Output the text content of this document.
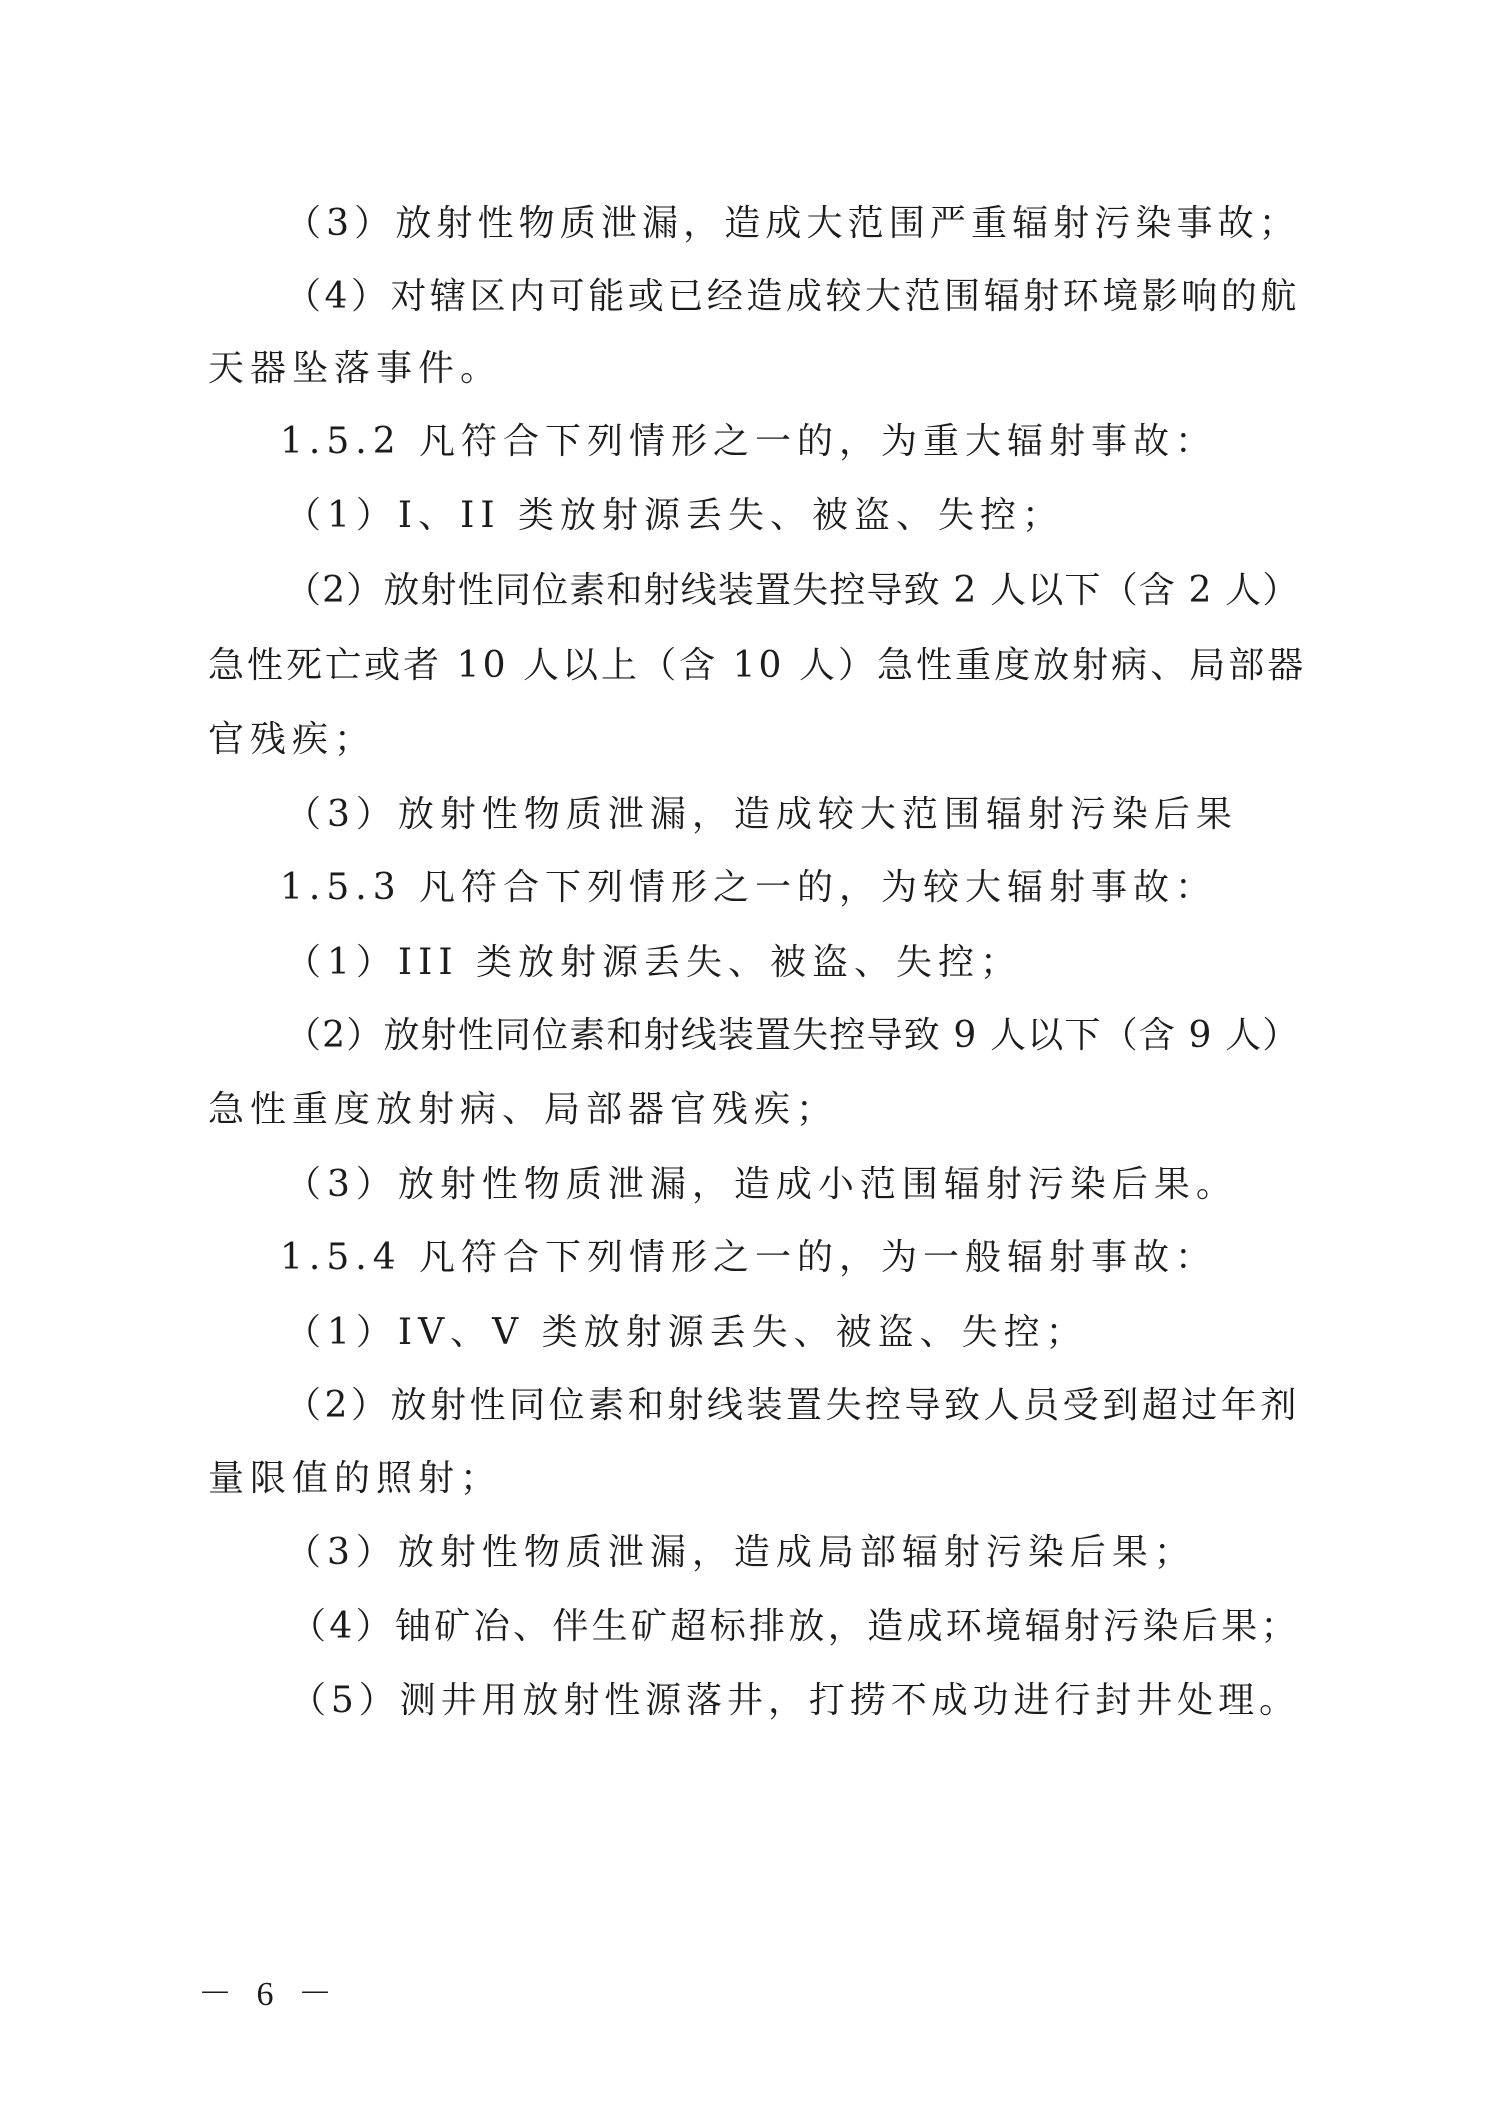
（3）放射性物质泄漏，造成大范围严重辐射污染事故；

（4）对辖区内可能或已经造成较大范围辐射环境影响的航

天器坠落事件。

1.5.2 凡符合下列情形之一的，为重大辐射事故：

（1）I、II 类放射源丢失、被盗、失控；

（2）放射性同位素和射线装置失控导致 2 人以下（含 2 人）

急性死亡或者 10 人以上（含 10 人）急性重度放射病、局部器

官残疾；

（3）放射性物质泄漏，造成较大范围辐射污染后果

1.5.3 凡符合下列情形之一的，为较大辐射事故：

（1）III 类放射源丢失、被盗、失控；

（2）放射性同位素和射线装置失控导致 9 人以下（含 9 人）

急性重度放射病、局部器官残疾；

（3）放射性物质泄漏，造成小范围辐射污染后果。

1.5.4 凡符合下列情形之一的，为一般辐射事故：

（1）IV、V 类放射源丢失、被盗、失控；

（2）放射性同位素和射线装置失控导致人员受到超过年剂

量限值的照射；

（3）放射性物质泄漏，造成局部辐射污染后果；

（4）铀矿冶、伴生矿超标排放，造成环境辐射污染后果；

（5）测井用放射性源落井，打捞不成功进行封井处理。

－ 6 －
